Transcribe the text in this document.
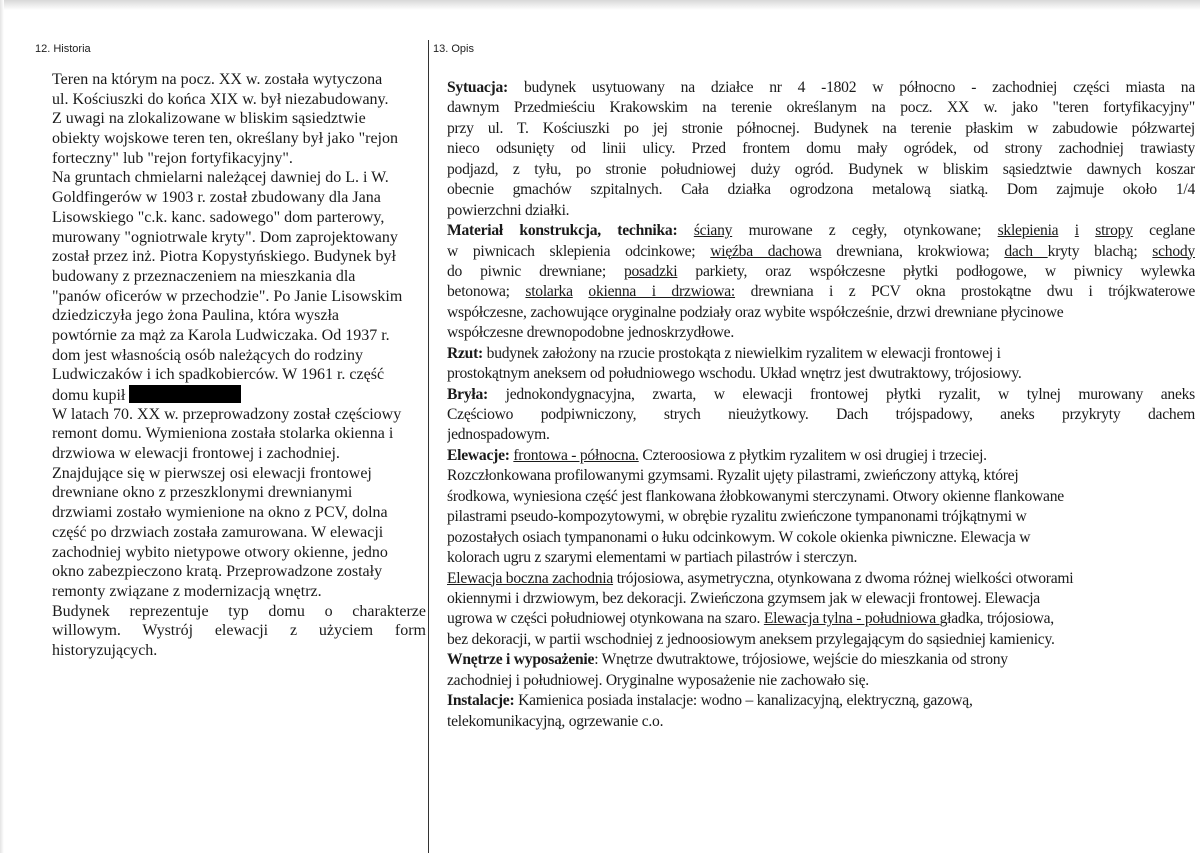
12. Historia	13. Opis
Teren na którym na pocz. XX w. została wytyczona
ul. Kościuszki do końca XIX w. był niezabudowany.
Z uwagi na zlokalizowane w bliskim sąsiedztwie
obiekty wojskowe teren ten, określany był jako "rejon
forteczny" lub "rejon fortyfikacyjny".
Na gruntach chmielarni należącej dawniej do L. i W.
Goldfingerów w 1903 r. został zbudowany dla Jana
Lisowskiego "c.k. kanc. sadowego" dom parterowy,
murowany "ogniotrwale kryty". Dom zaprojektowany
został przez inż. Piotra Kopystyńskiego. Budynek był
budowany z przeznaczeniem na mieszkania dla
"panów oficerów w przechodzie". Po Janie Lisowskim
dziedziczyła jego żona Paulina, która wyszła
powtórnie za mąż za Karola Ludwiczaka. Od 1937 r.
dom jest własnością osób należących do rodziny
Ludwiczaków i ich spadkobierców. W 1961 r. część
domu kupił
W latach 70. XX w. przeprowadzony został częściowy
remont domu. Wymieniona została stolarka okienna i
drzwiowa w elewacji frontowej i zachodniej.
Znajdujące się w pierwszej osi elewacji frontowej
drewniane okno z przeszklonymi drewnianymi
drzwiami zostało wymienione na okno z PCV, dolna
część po drzwiach została zamurowana. W elewacji
zachodniej wybito nietypowe otwory okienne, jedno
okno zabezpieczono kratą. Przeprowadzone zostały
remonty związane z modernizacją wnętrz.
Budynek reprezentuje typ domu o charakterze
willowym. Wystrój elewacji z użyciem form
historyzujących.
Sytuacja: budynek usytuowany na działce nr 4 -1802 w północno - zachodniej części miasta na
dawnym Przedmieściu Krakowskim na terenie określanym na pocz. XX w. jako "teren fortyfikacyjny"
przy ul. T. Kościuszki po jej stronie północnej. Budynek na terenie płaskim w zabudowie półzwartej
nieco odsunięty od linii ulicy. Przed frontem domu mały ogródek, od strony zachodniej trawiasty
podjazd, z tyłu, po stronie południowej duży ogród. Budynek w bliskim sąsiedztwie dawnych koszar
obecnie gmachów szpitalnych. Cała działka ogrodzona metalową siatką. Dom zajmuje około 1/4
powierzchni działki.
Materiał konstrukcja, technika: ściany murowane z cegły, otynkowane; sklepienia i stropy ceglane
w piwnicach sklepienia odcinkowe; więźba dachowa drewniana, krokwiowa; dach kryty blachą; schody
do piwnic drewniane; posadzki parkiety, oraz współczesne płytki podłogowe, w piwnicy wylewka
betonowa; stolarka okienna i drzwiowa: drewniana i z PCV okna prostokątne dwu i trójkwaterowe
współczesne, zachowujące oryginalne podziały oraz wybite współcześnie, drzwi drewniane płycinowe
współczesne drewnopodobne jednoskrzydłowe.
Rzut: budynek założony na rzucie prostokąta z niewielkim ryzalitem w elewacji frontowej i
prostokątnym aneksem od południowego wschodu. Układ wnętrz jest dwutraktowy, trójosiowy.
Bryła: jednokondygnacyjna, zwarta, w elewacji frontowej płytki ryzalit, w tylnej murowany aneks
Częściowo podpiwniczony, strych nieużytkowy. Dach trójspadowy, aneks przykryty dachem
jednospadowym.
Elewacje: frontowa - północna. Czteroosiowa z płytkim ryzalitem w osi drugiej i trzeciej.
Rozczłonkowana profilowanymi gzymsami. Ryzalit ujęty pilastrami, zwieńczony attyką, której
środkowa, wyniesiona część jest flankowana żłobkowanymi sterczynami. Otwory okienne flankowane
pilastrami pseudo-kompozytowymi, w obrębie ryzalitu zwieńczone tympanonami trójkątnymi w
pozostałych osiach tympanonami o łuku odcinkowym. W cokole okienka piwniczne. Elewacja w
kolorach ugru z szarymi elementami w partiach pilastrów i sterczyn.
Elewacja boczna zachodnia trójosiowa, asymetryczna, otynkowana z dwoma różnej wielkości otworami
okiennymi i drzwiowym, bez dekoracji. Zwieńczona gzymsem jak w elewacji frontowej. Elewacja
ugrowa w części południowej otynkowana na szaro. Elewacja tylna - południowa gładka, trójosiowa,
bez dekoracji, w partii wschodniej z jednoosiowym aneksem przylegającym do sąsiedniej kamienicy.
Wnętrze i wyposażenie: Wnętrze dwutraktowe, trójosiowe, wejście do mieszkania od strony
zachodniej i południowej. Oryginalne wyposażenie nie zachowało się.
Instalacje: Kamienica posiada instalacje: wodno – kanalizacyjną, elektryczną, gazową,
telekomunikacyjną, ogrzewanie c.o.
